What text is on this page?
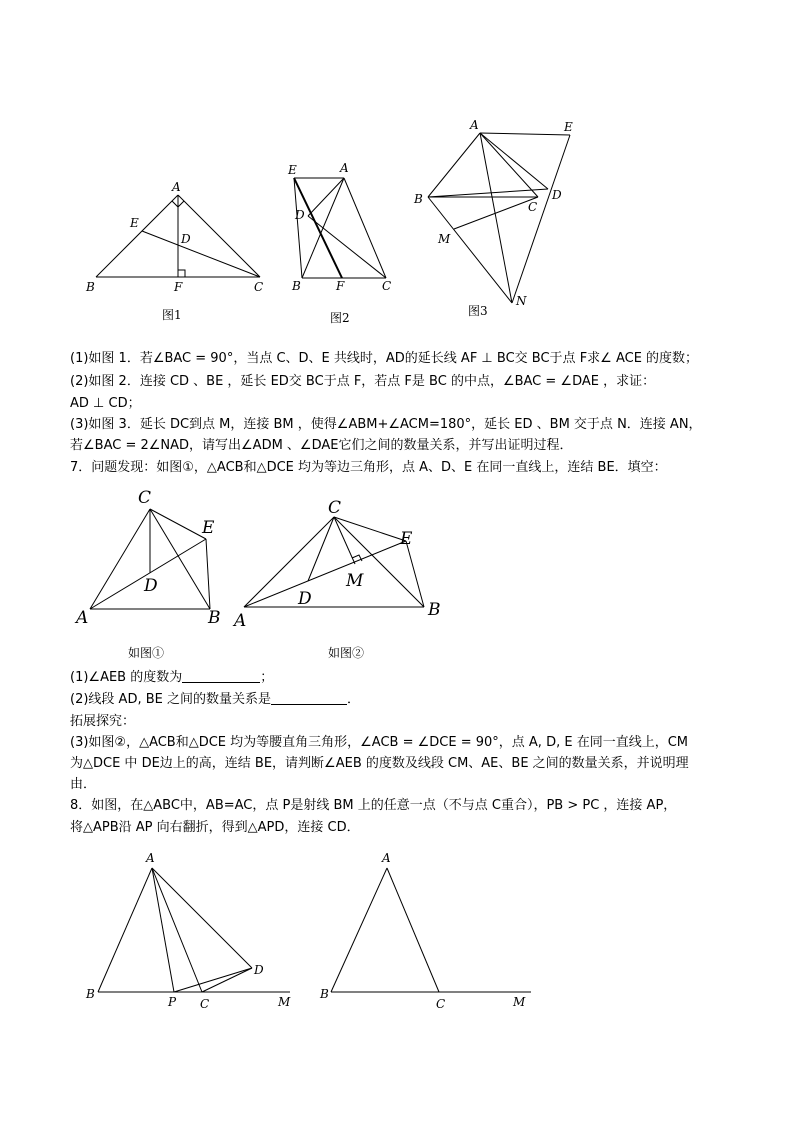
A
E
D
B	F	C
图1
E	A
D
B	F	C
图2
A	E
B
C
D
M
N
图3
(1)如图 1．若∠BAC = 90°，当点 C、D、E 共线时，AD的延长线 AF ⊥ BC交 BC于点 F求∠ ACE 的度数；
(2)如图 2．连接 CD 、BE ，延长 ED交 BC于点 F，若点 F是 BC 的中点，∠BAC = ∠DAE ，求证：
AD ⊥ CD；
(3)如图 3．延长 DC到点 M，连接 BM ，使得∠ABM+∠ACM=180°，延长 ED 、BM 交于点 N．连接 AN，
若∠BAC = 2∠NAD，请写出∠ADM 、∠DAE它们之间的数量关系，并写出证明过程．
7．问题发现：如图①，△ACB和△DCE 均为等边三角形，点 A、D、E 在同一直线上，连结 BE．填空：
C
E
D
A	B
如图①
C
E
M
D
A
B
如图②
(1)∠AEB 的度数为	；
(2)线段 AD, BE 之间的数量关系是	．
拓展探究：
(3)如图②，△ACB和△DCE 均为等腰直角三角形，∠ACB = ∠DCE = 90°，点 A, D, E 在同一直线上，CM
为△DCE 中 DE边上的高，连结 BE，请判断∠AEB 的度数及线段 CM、AE、BE 之间的数量关系，并说明理
由．
8．如图，在△ABC中，AB=AC，点 P是射线 BM 上的任意一点（不与点 C重合），PB > PC ，连接 AP，
将△APB沿 AP 向右翻折，得到△APD，连接 CD．
A
B
P C
D
M
A
B
C	M
